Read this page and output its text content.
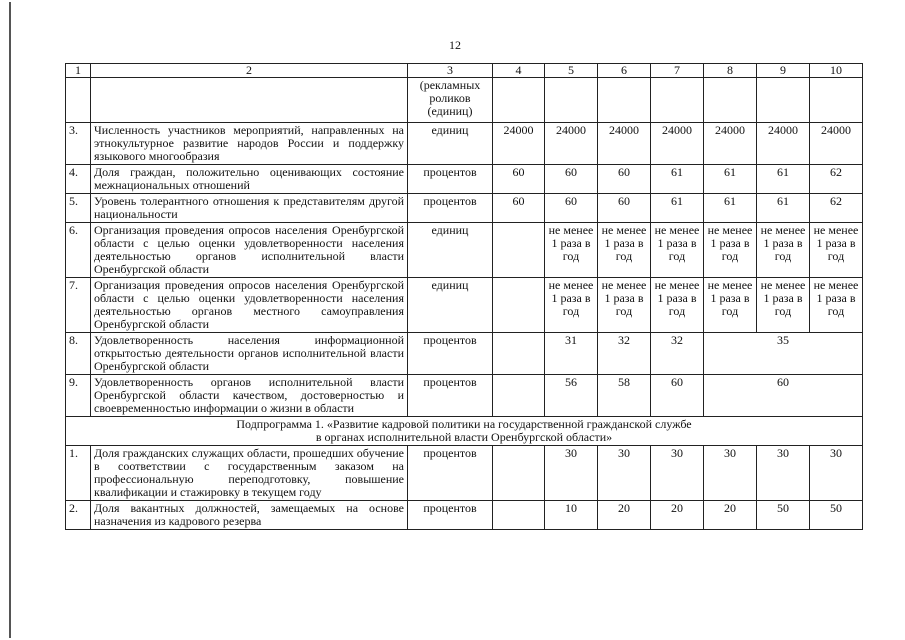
12
1	2	3	4	5	6	7	8	9	10
		(рекламных роликов (единиц)							
3.	Численность участников мероприятий, направленных на этнокультурное развитие народов России и поддержку языкового многообразия	единиц	24000	24000	24000	24000	24000	24000	24000
4.	Доля граждан, положительно оценивающих состояние межнациональных отношений	процентов	60	60	60	61	61	61	62
5.	Уровень толерантного отношения к представителям другой национальности	процентов	60	60	60	61	61	61	62
6.	Организация проведения опросов населения Оренбургской области с целью оценки удовлетворенности населения деятельностью органов исполнительной власти Оренбургской области	единиц		не менее 1 раза в год	не менее 1 раза в год	не менее 1 раза в год	не менее 1 раза в год	не менее 1 раза в год	не менее 1 раза в год
7.	Организация проведения опросов населения Оренбургской области с целью оценки удовлетворенности населения деятельностью органов местного самоуправления Оренбургской области	единиц		не менее 1 раза в год	не менее 1 раза в год	не менее 1 раза в год	не менее 1 раза в год	не менее 1 раза в год	не менее 1 раза в год
8.	Удовлетворенность населения информационной открытостью деятельности органов исполнительной власти Оренбургской области	процентов		31	32	32	35		
9.	Удовлетворенность органов исполнительной власти Оренбургской области качеством, достоверностью и своевременностью информации о жизни в области	процентов		56	58	60	60		

Подпрограмма 1. «Развитие кадровой политики на государственной гражданской службе
в органах исполнительной власти Оренбургской области»									

1.	Доля гражданских служащих области, прошедших обучение в соответствии с государственным заказом на профессиональную переподготовку, повышение квалификации и стажировку в текущем году	процентов		30	30	30	30	30	30
2.	Доля вакантных должностей, замещаемых на основе назначения из кадрового резерва	процентов		10	20	20	20	50	50
